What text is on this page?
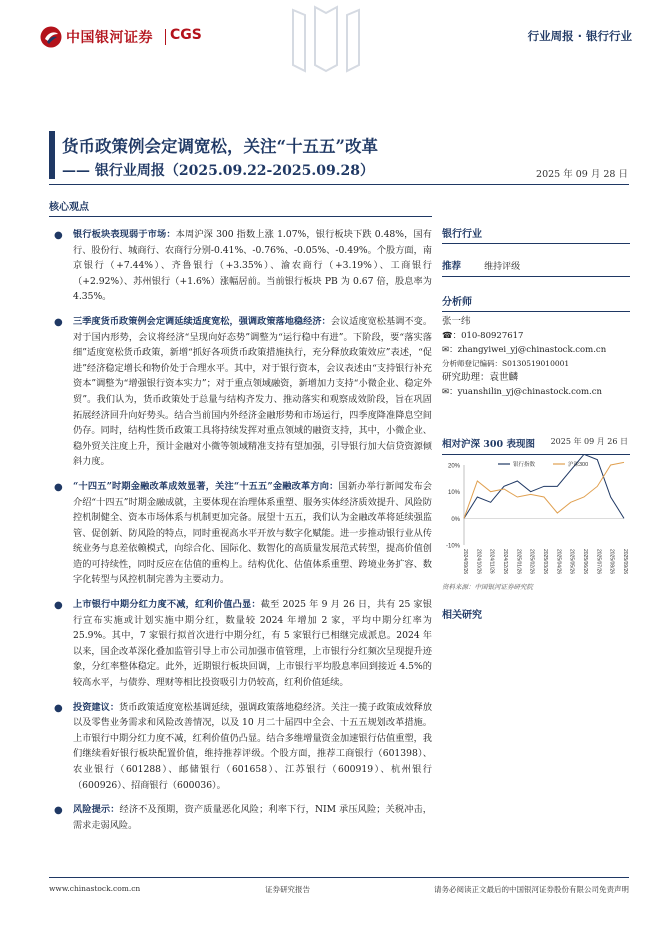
中国银河证券 CGS	行业周报 · 银行行业
货币政策例会定调宽松，关注“十五五”改革
—— 银行业周报（2025.09.22-2025.09.28）	2025 年 09 月 28 日
核心观点
● 银行板块表现弱于市场：本周沪深 300 指数上涨 1.07%，银行板块下跌 0.48%，国有行、股份行、城商行、农商行分别-0.41%、-0.76%、-0.05%、-0.49%。个股方面，南京银行（+7.44%）、齐鲁银行（+3.35%）、渝农商行（+3.19%）、工商银行（+2.92%）、苏州银行（+1.6%）涨幅居前。当前银行板块 PB 为 0.67 倍，股息率为 4.35%。
● 三季度货币政策例会定调延续适度宽松，强调政策落地稳经济：会议适度宽松基调不变。对于国内形势，会议将经济“呈现向好态势”调整为“运行稳中有进”。下阶段，要“落实落细”适度宽松货币政策，新增“抓好各项货币政策措施执行，充分释放政策效应”表述，“促进”经济稳定增长和物价处于合理水平。其中，对于银行资本，会议表述由“支持银行补充资本”调整为“增强银行资本实力”；对于重点领域融资，新增加力支持“小微企业、稳定外贸”。我们认为，货币政策处于总量与结构齐发力、推动落实和观察成效阶段，旨在巩固拓展经济回升向好势头。结合当前国内外经济金融形势和市场运行，四季度降准降息空间仍存。同时，结构性货币政策工具将持续发挥对重点领域的融资支持，其中，小微企业、稳外贸关注度上升，预计金融对小微等领域精准支持有望加强，引导银行加大信贷资源倾斜力度。
● “十四五”时期金融改革成效显著，关注“十五五”金融改革方向：国新办举行新闻发布会介绍“十四五”时期金融成就，主要体现在治理体系重塑、服务实体经济质效提升、风险防控机制健全、资本市场体系与机制更加完备。展望十五五，我们认为金融改革将延续强监管、促创新、防风险的特点，同时重视高水平开放与数字化赋能。进一步推动银行业从传统业务与息差依赖模式，向综合化、国际化、数智化的高质量发展范式转型，提高价值创造的可持续性，同时反应在估值的重构上。结构优化、估值体系重塑、跨境业务扩容、数字化转型与风控机制完善为主要动力。
● 上市银行中期分红力度不减，红利价值凸显：截至 2025 年 9 月 26 日，共有 25 家银行宣布实施或计划实施中期分红，数量较 2024 年增加 2 家，平均中期分红率为 25.9%。其中，7 家银行拟首次进行中期分红，有 5 家银行已相继完成派息。2024 年以来，国企改革深化叠加监管引导上市公司加强市值管理，上市银行分红频次呈现提升迹象，分红率整体稳定。此外，近期银行板块回调，上市银行平均股息率回到接近 4.5%的较高水平，与债券、理财等相比投资吸引力仍较高，红利价值延续。
● 投资建议：货币政策适度宽松基调延续，强调政策落地稳经济。关注一揽子政策成效释放以及零售业务需求和风险改善情况，以及 10 月二十届四中全会、十五五规划改革措施。上市银行中期分红力度不减，红利价值仍凸显。结合多维增量资金加速银行估值重塑，我们继续看好银行板块配置价值，维持推荐评级。个股方面，推荐工商银行（601398）、农业银行（601288）、邮储银行（601658）、江苏银行（600919）、杭州银行（600926）、招商银行（600036）。
● 风险提示：经济不及预期，资产质量恶化风险；利率下行，NIM 承压风险；关税冲击，需求走弱风险。
银行行业
推荐	维持评级
分析师
张一纬
☎：010-80927617
✉：zhangyiwei_yj@chinastock.com.cn
分析师登记编码：S0130519010001
研究助理：袁世麟
✉：yuanshilin_yj@chinastock.com.cn
相对沪深 300 表现图 2025 年 09 月 26 日
20%
10%
0%
-10%
2024/09/26 2024/10/26 2024/11/26 2024/12/26 2025/01/26 2025/02/26 2025/03/26 2025/04/26 2025/05/26 2025/06/26 2025/07/26 2025/08/26 2025/09/26
银行指数	沪深300
资料来源：中国银河证券研究院
相关研究
www.chinastock.com.cn	证券研究报告	请务必阅读正文最后的中国银河证券股份有限公司免责声明
